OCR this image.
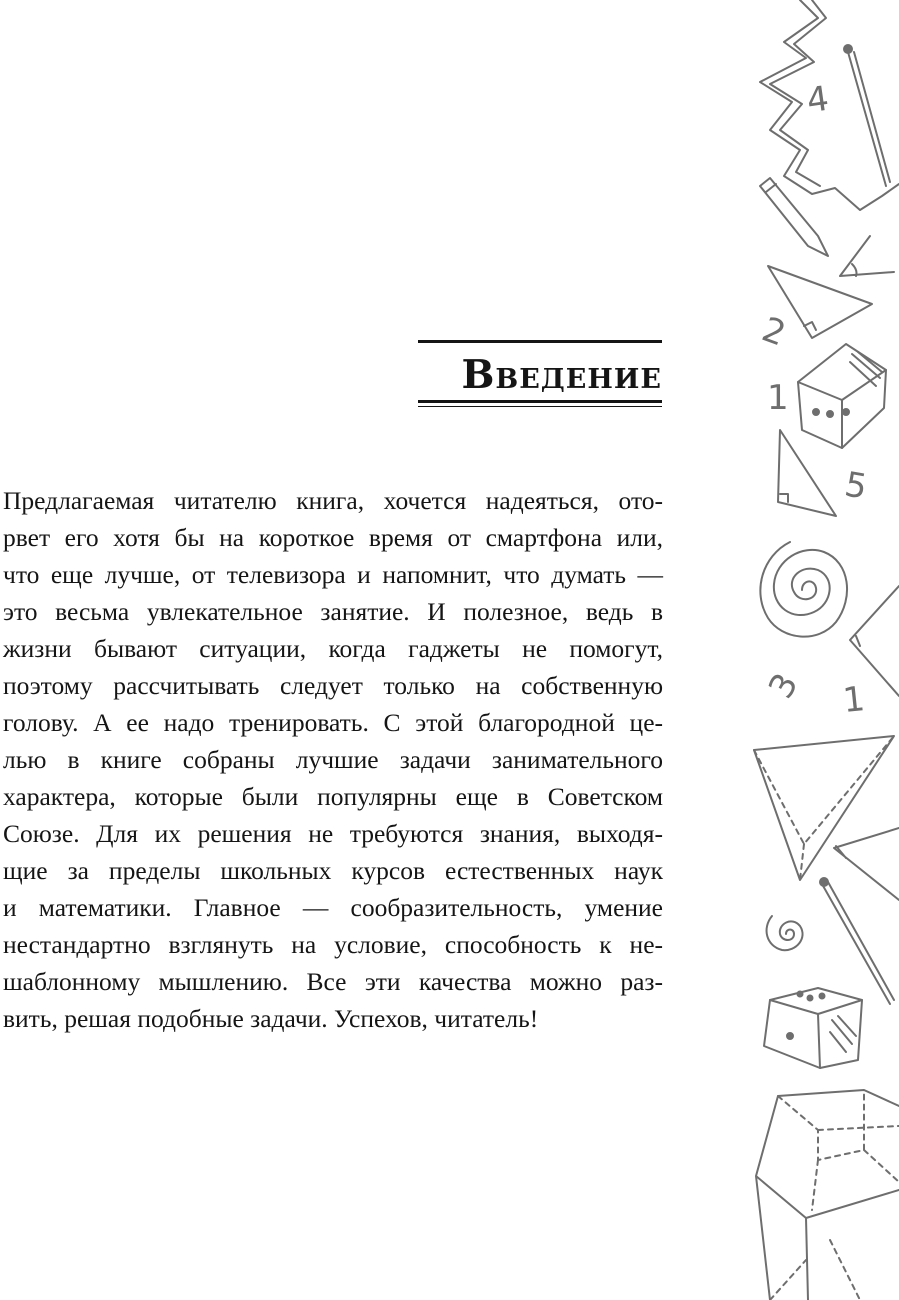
Введение
Предлагаемая читателю книга, хочется надеяться, ото-
рвет его хотя бы на короткое время от смартфона или,
что еще лучше, от телевизора и напомнит, что думать —
это весьма увлекательное занятие. И полезное, ведь в
жизни бывают ситуации, когда гаджеты не помогут,
поэтому рассчитывать следует только на собственную
голову. А ее надо тренировать. С этой благородной це-
лью в книге собраны лучшие задачи занимательного
характера, которые были популярны еще в Советском
Союзе. Для их решения не требуются знания, выходя-
щие за пределы школьных курсов естественных наук
и математики. Главное — сообразительность, умение
нестандартно взглянуть на условие, способность к не-
шаблонному мышлению. Все эти качества можно раз-
вить, решая подобные задачи. Успехов, читатель!
4
2
1
5
3 1
